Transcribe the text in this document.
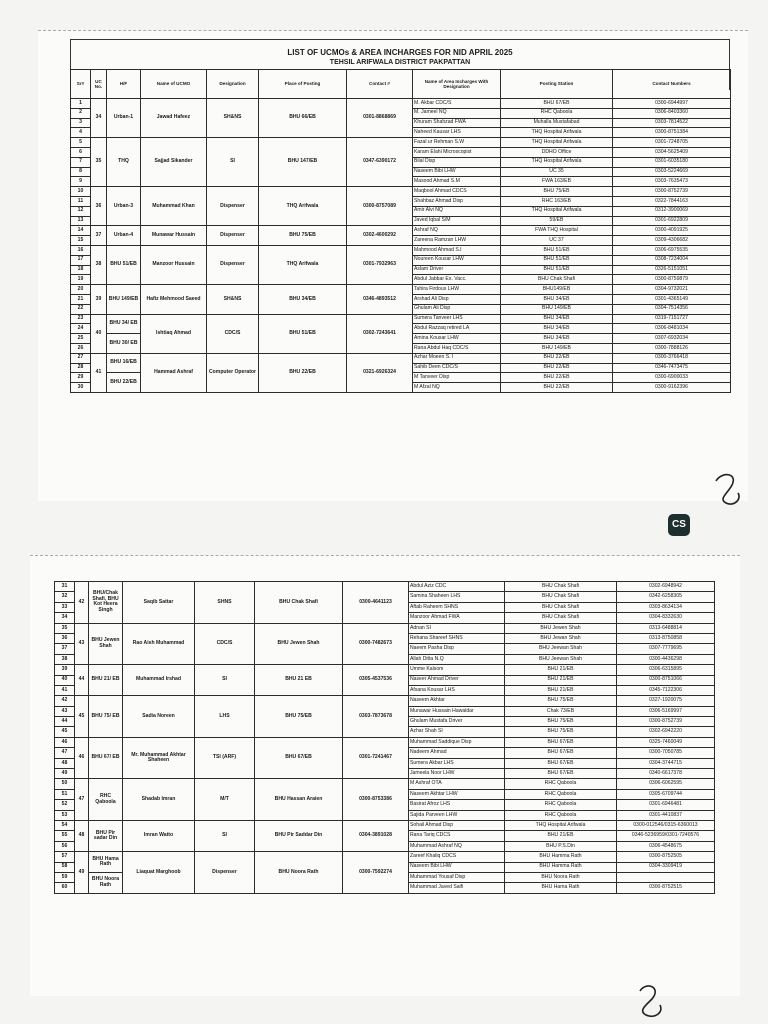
LIST OF UCMOs & AREA INCHARGES FOR NID APRIL 2025
TEHSIL ARIFWALA DISTRICT PAKPATTAN
Sr#	UC No.	H/F	Name of UCMO	Designation	Place of Posting	Contact #	Name of Area Incharges With Designation	Posting Station	Contact Numbers
1	34	Urban-1	Jawad Hafeez	SH&NS	BHU 66/EB	0301-8868869	M. Akbar CDC/S	BHU 67/EB	0300-6944997
2							M. Jameel NQ	RHC Qaboola	0306-8403360
3							Khuram Shahzad FWA	Muhalla Mustafabad	0303-7814522
4							Naheed Kausar LHS	THQ Hospital Arifwala	0300-8751384
5	35	THQ	Sajjad Sikander	SI	BHU 147/EB	0347-6390172	Fazal ur Rehman S.W	THQ Hospital Arifwala	0301-7248705
6							Karam Elahi Microscopist	DDHO Office	0304-5625409
7							Bilal Disp	THQ Hospital Arifwala	0301-6035180
8							Naseem Bibi LHW	UC 35	0303-5224669
9							Masood Ahmad S.M	FWA 163/EB	0303-7635473
10	36	Urban-3	Muhammad Khan	Dispenser	THQ Arifwala	0300-8757089	Maqbool Ahmad CDCS	BHU 75/EB	0300-8752739
11							Shahbaz Ahmad Disp	RHC 163/EB	0322-7844163
12							Amir Alvi NQ	THQ Hospital Arifwala	0312-3900069
13							Javed Iqbal S/M	59/EB	0301-6922809
14	37	Urban-4	Munawar Hussain	Dispenser	BHU 75/EB	0302-4600292	Ashraf NQ	FWA THQ Hospital	0300-4091925
15							Zareena Ramzan LHW	UC 37	0309-4306682
16	38	BHU 51/EB	Manzoor Hussain	Dispenser	THQ Arifwala	0301-7932963	Mahmood Ahmad S.I	BHU 51/EB	0306-6975535
17							Noureen Kousar LHW	BHU 51/EB	0308-7234004
18							Aslam Driver	BHU 51/EB	0326-5151051
19							Abdul Jabbar Ex. Vacc.	BHU Chak Shafi	0300-8759879
20	39	BHU 149/EB	Hafiz Mehmood Saeed	SH&NS	BHU 34/EB	0346-4893512	Tahira Firdous LHW	BHU149/EB	0304-9732021
21							Arshad Ali Disp	BHU 34/EB	0301-4365149
22							Ghulam Ali Disp	BHU 149/EB	0304-7514356
23	40	BHU 34/ EB	Ishtiaq Ahmad	CDC/S	BHU 51/EB	0302-7243641	Sumera Tanveer LHS	BHU 34/EB	0319-7151727
24							Abdul Razzaq retired LA	BHU 34/EB	0306-8481034
25		BHU 30/ EB					Amina Kousar LHW	BHU 34/EB	0307-6932034
26							Rana Abdul Haq CDC/S	BHU 149/EB	0300-7888126
27	41	BHU 16/EB	Hammad Ashraf	Computer Operator	BHU 22/EB	0321-6926324	Azhar Moeen S. I	BHU 22/EB	0300-3766418
28							Sahib Deen CDC/S	BHU 22/EB	0346-7473475
29		BHU 22/EB					M Tanveer Disp	BHU 22/EB	0300-6900033
30							M Afzal NQ	BHU 22/EB	0300-9162396
CS
31	42	BHU/Chak Shafi, BHU Kot Heera Singh	Saqib Sattar	SHNS	BHU Chak Shafi	0300-4641123	Abdul Aziz CDC	BHU Chak Shafi	0302-6948942
32							Samina Shaheen LHS	BHU Chak Shafi	0342-6258305
33							Aftab Raheem SHNS	BHU Chak Shafi	0303-8634134
34							Manzoor Ahmad FWA	BHU Chak Shafi	0304-8332630
35	43	BHU Jewen Shah	Rao Aish Muhammad	CDC/S	BHU Jewen Shah	0300-7482673	Adnan SI	BHU Jewen Shah	0313-6488814
36							Rehana Shareef SHNS	BHU Jewan Shah	0313-8750858
37							Naeem Pasha Disp	BHU Jeewan Shah	0307-7779695
38							Allah Ditta N.Q	BHU Jeewan Shah	0300-4436298
39	44	BHU 21/ EB	Muhammad Irshad	SI	BHU 21 EB	0305-4537536	Umme Kalsom	BHU 21/EB	0306-6315895
40							Naseer Ahmad Driver	BHU 21/EB	0300-8751066
41							Afsana Kousar LHS	BHU 21/EB	0345-7122306
42	45	BHU 75/ EB	Sadia Noreen	LHS	BHU 75/EB	0303-7873678	Naseem Akhtar	BHU 75/EB	0327-1920075
43							Munawar Hussain Hawaldar	Chak 73/EB	0306-5169997
44							Ghulam Mustafa Driver	BHU 75/EB	0300-8752739
45							Azhar Shah SI	BHU 75/EB	0302-6942220
46	46	BHU 67/ EB	Mr. Muhammad Akhtar Shaheen	TSI (ARF)	BHU 67/EB	0301-7241467	Muhammad Saddique Disp	BHU 67/EB	0325-7460049
47							Nadeem Ahmad	BHU 67/EB	0300-7050785
48							Sumera Akbar LHS	BHU 67/EB	0304-3744715
49							Jameela Noor LHW	BHU 67/EB	0340-6617378
50	47	RHC Qaboola	Shadab Imran	M/T	BHU Hassan Araien	0300-8753386	M Ashraf OTA	RHC Qaboola	0306-6062595
51							Naseem Akhtar LHW	RHC Qaboola	0305-6709744
52							Basirat Afroz LHS	RHC Qaboola	0301-6946481
53							Sajida Parveen LHW	RHC Qaboola	0301-4410837
54	48	BHU Pir sadar Din	Imran Watto	SI	BHU Pir Saddar Din	0304-3891028	Sohail Ahmad Disp	THQ Hospital Arifwala	0300-012546/0315-6360013
55							Rana Tariq CDCS	BHU 21/EB	0346-5236959/0301-7240576
56							Muhammad Ashraf NQ	BHU P.S.Din	0306-4548675
57	49	BHU Hama Rath	Liaquat Marghoob	Dispenser	BHU Noora Rath	0300-7592274	Zareef Khaliq CDCS	BHU Hamma Rath	0300-8752505
58							Naseem Bibi LHW	BHU Hamma Rath	0304-3309419
59		BHU Noora Rath					Muhammad Yousaf Disp	BHU Noora Rath	
60							Muhammad Javed Saifi	BHU Hama Rath	0300-8752515
